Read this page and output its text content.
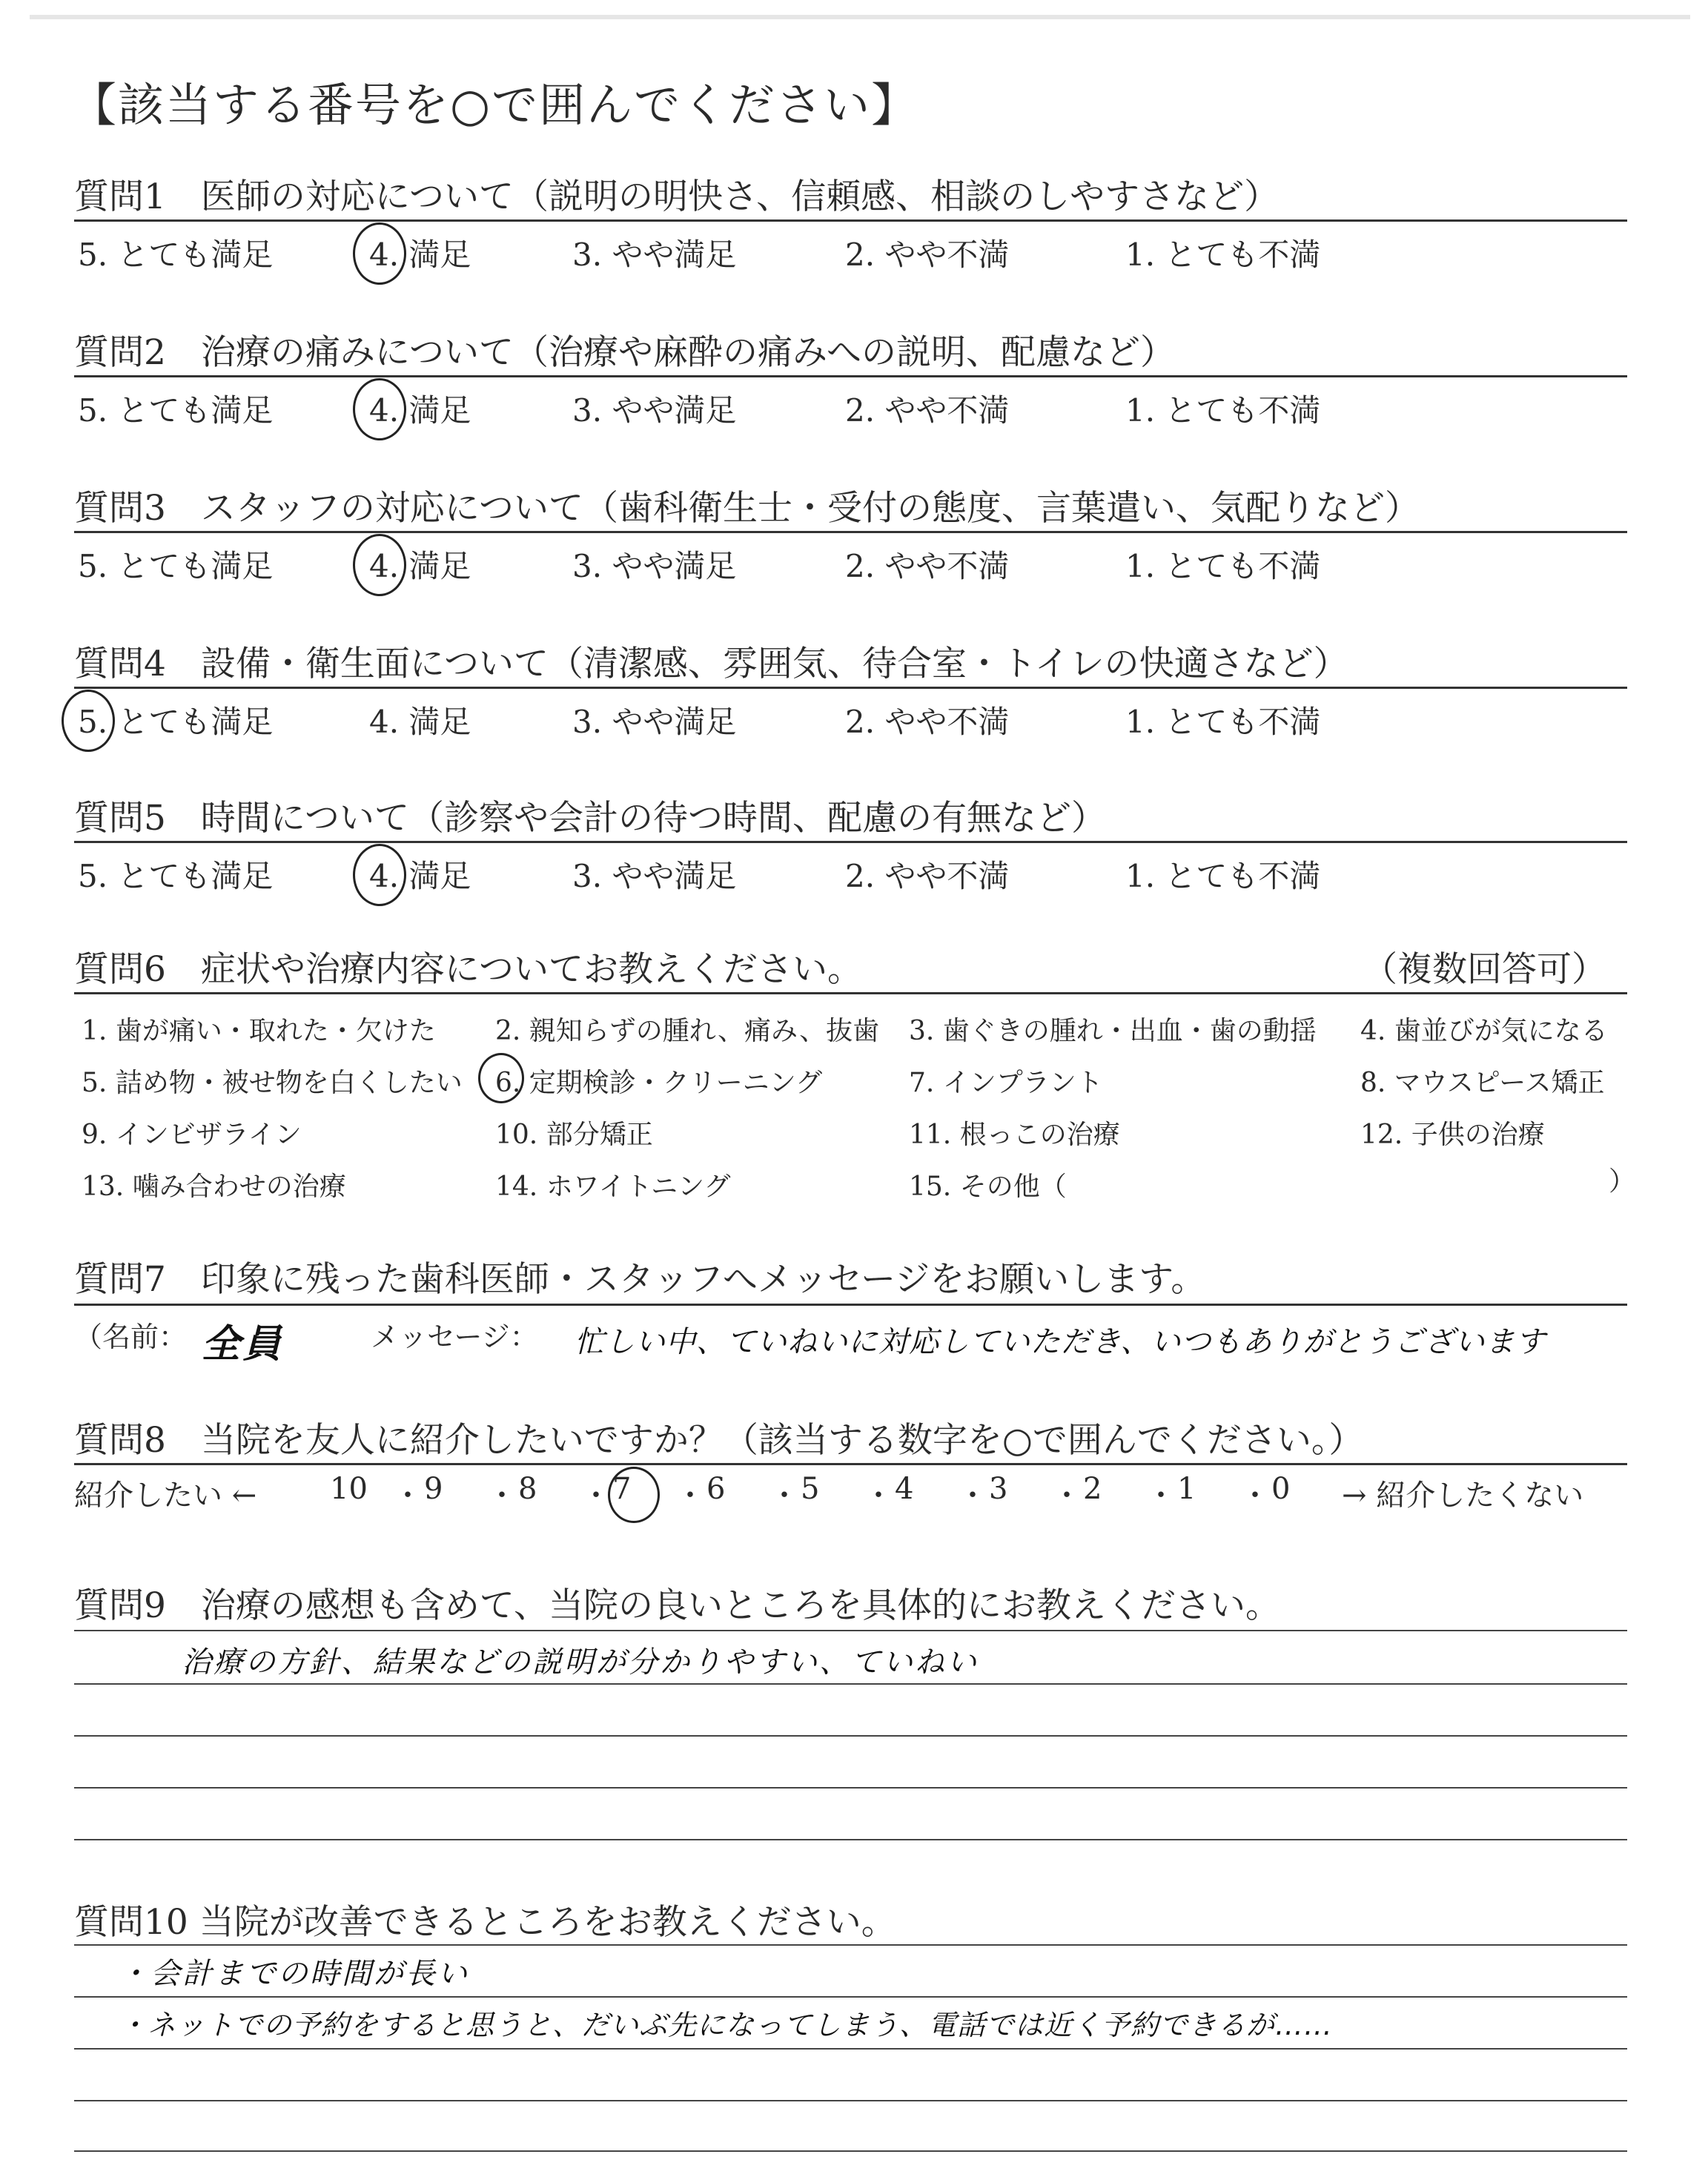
【該当する番号を○で囲んでください】
質問1　医師の対応について（説明の明快さ、信頼感、相談のしやすさなど）
5. とても満足	4. 満足	3. やや満足	2. やや不満	1. とても不満
質問2　治療の痛みについて（治療や麻酔の痛みへの説明、配慮など）
5. とても満足	4. 満足	3. やや満足	2. やや不満	1. とても不満
質問3　スタッフの対応について（歯科衛生士・受付の態度、言葉遣い、気配りなど）
5. とても満足	4. 満足	3. やや満足	2. やや不満	1. とても不満
質問4　設備・衛生面について（清潔感、雰囲気、待合室・トイレの快適さなど）
5. とても満足	4. 満足	3. やや満足	2. やや不満	1. とても不満
質問5　時間について（診察や会計の待つ時間、配慮の有無など）
5. とても満足	4. 満足	3. やや満足	2. やや不満	1. とても不満
質問6　症状や治療内容についてお教えください。	（複数回答可）
1. 歯が痛い・取れた・欠けた 2. 親知らずの腫れ、痛み、抜歯 3. 歯ぐきの腫れ・出血・歯の動揺 4. 歯並びが気になる
5. 詰め物・被せ物を白くしたい 6. 定期検診・クリーニング	7. インプラント	8. マウスピース矯正
9. インビザライン	10. 部分矯正	11. 根っこの治療	12. 子供の治療
13. 噛み合わせの治療	14. ホワイトニング	15. その他（	）
質問7　印象に残った歯科医師・スタッフへメッセージをお願いします。
（名前： 全員	メッセージ： 忙しい中、ていねいに対応していただき、いつもありがとうございます
質問8　当院を友人に紹介したいですか？（該当する数字を○で囲んでください。）
紹介したい ← 10 ・ 9 ・ 8 ・ 7 ・ 6 ・ 5 ・ 4 ・ 3 ・ 2 ・ 1 ・ 0 → 紹介したくない
質問9　治療の感想も含めて、当院の良いところを具体的にお教えください。
治療の方針、結果などの説明が分かりやすい、ていねい
質問10 当院が改善できるところをお教えください。
・会計までの時間が長い
・ネットでの予約をすると思うと、だいぶ先になってしまう、電話では近く予約できるが……
